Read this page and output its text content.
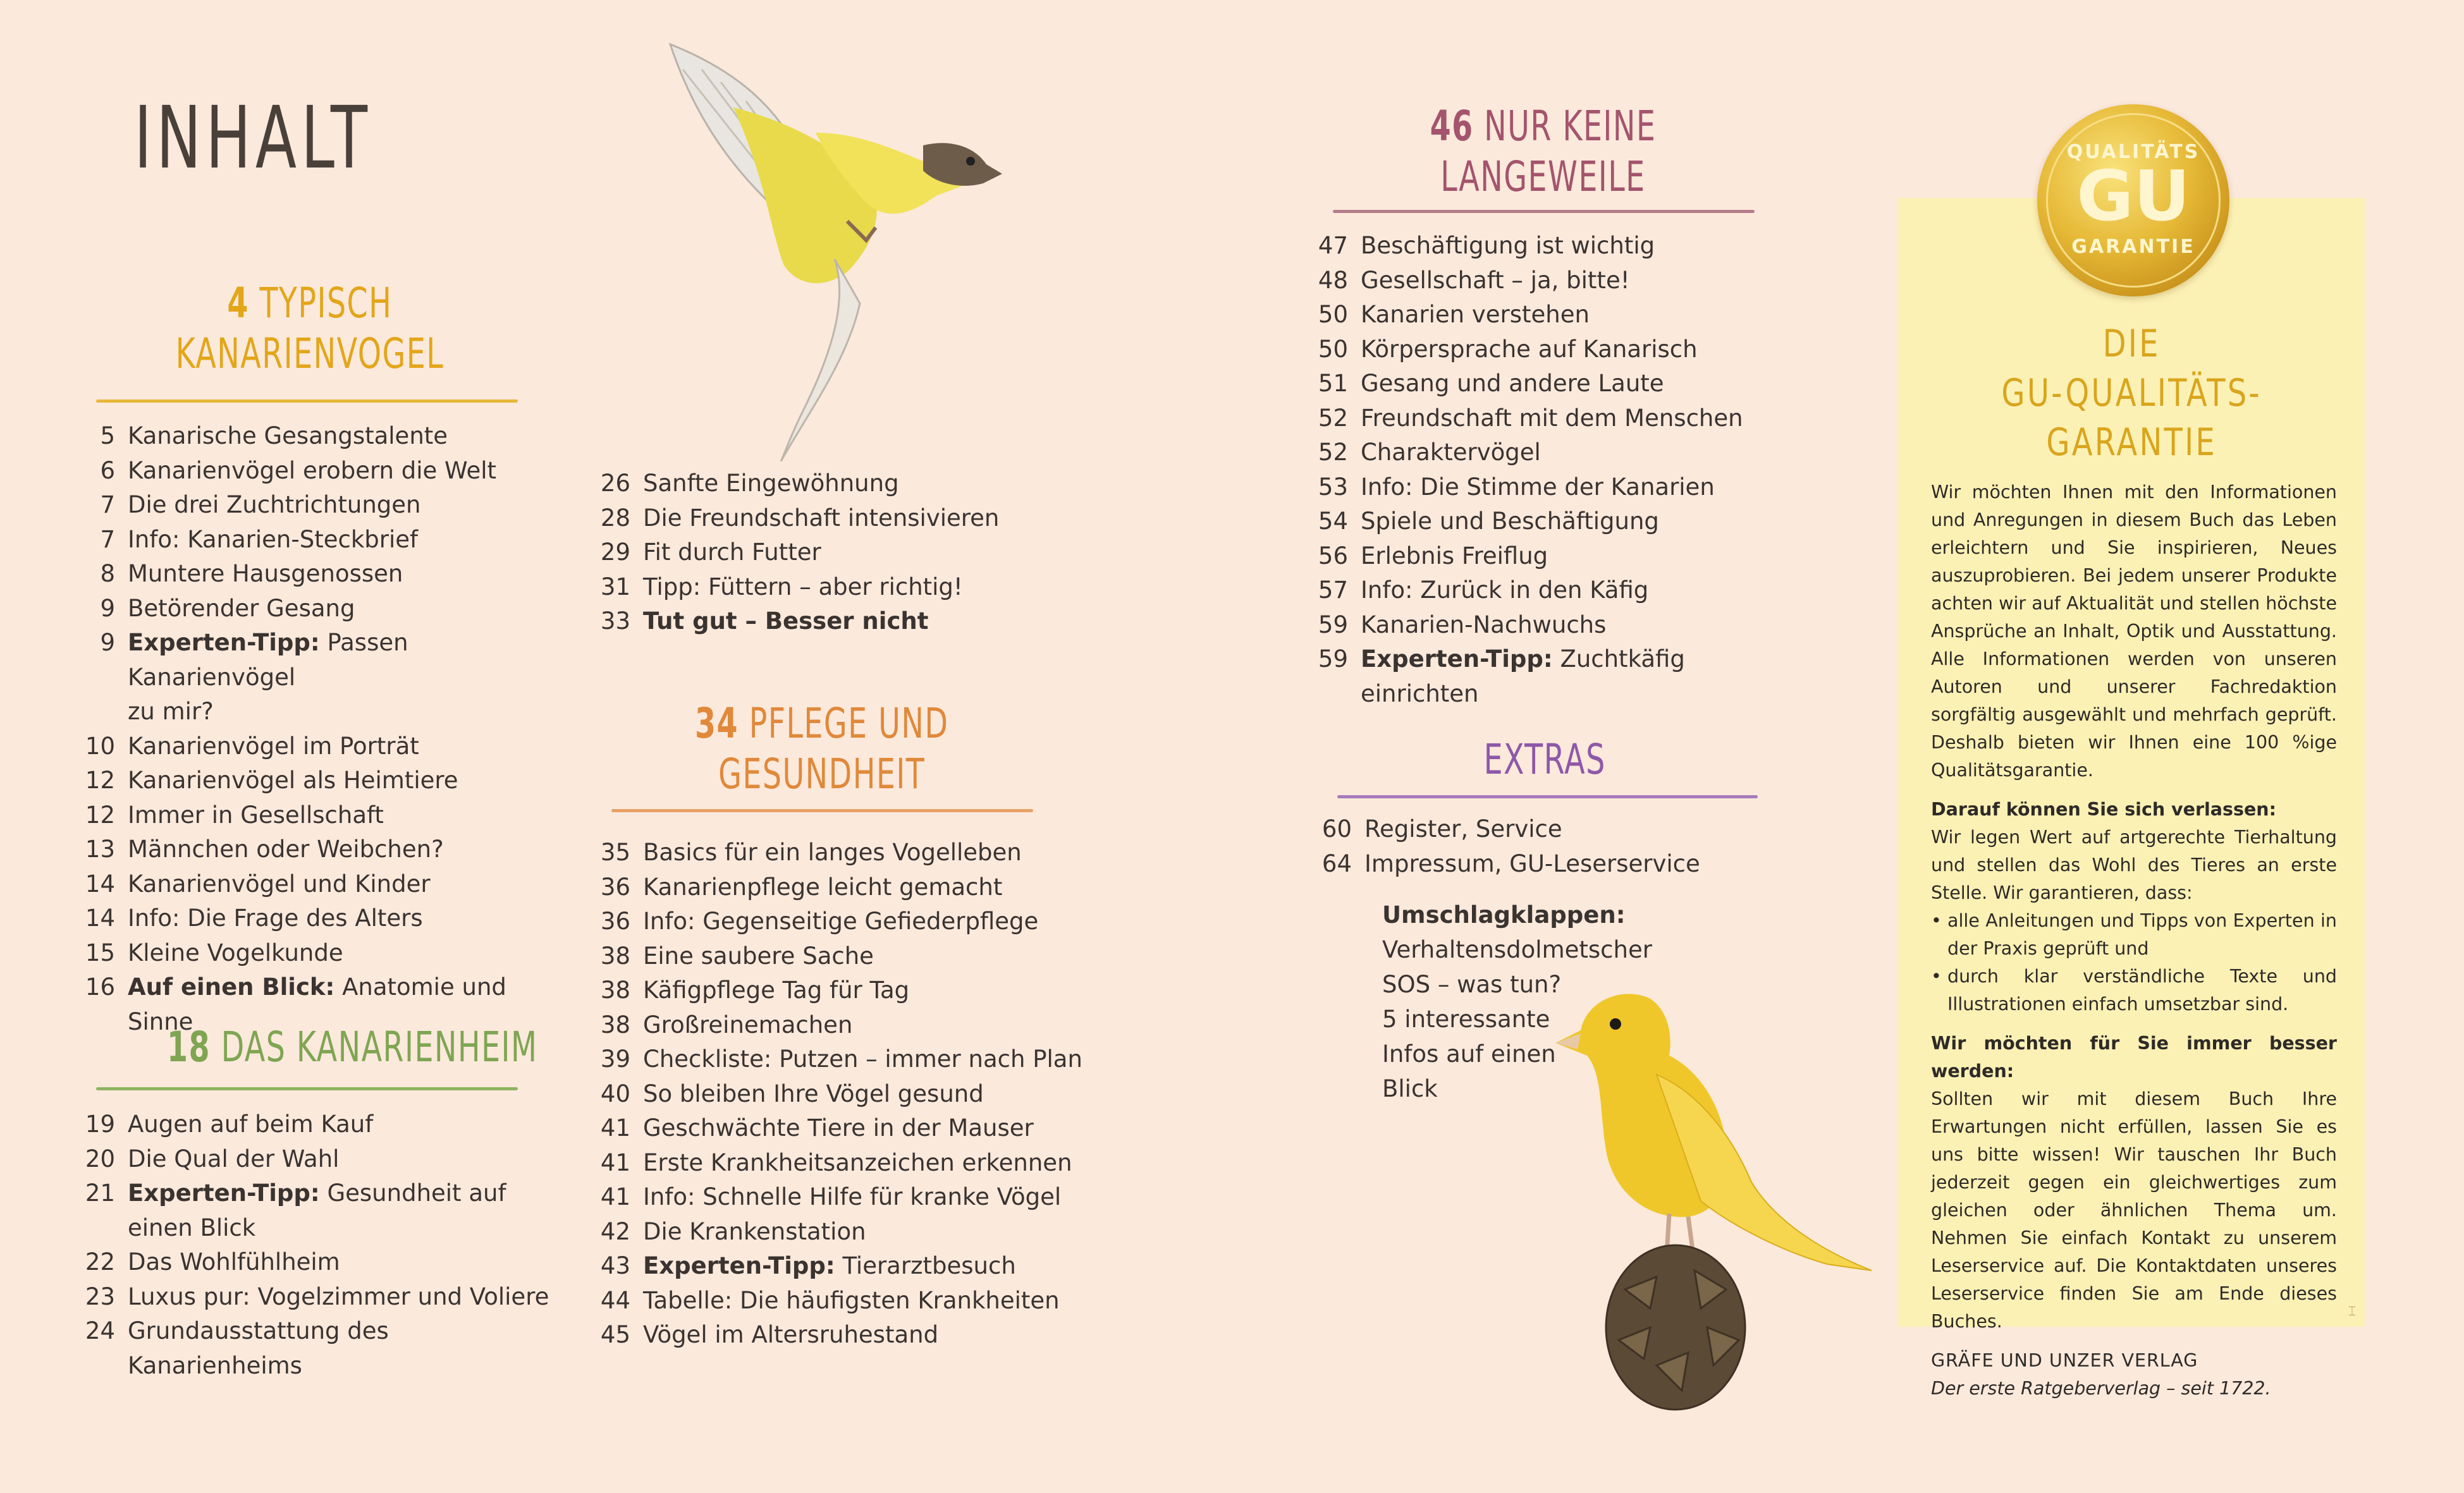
INHALT
4 TYPISCH
KANARIENVOGEL
5 Kanarische Gesangstalente
6 Kanarienvögel erobern die Welt
7 Die drei Zuchtrichtungen
7 Info: Kanarien-Steckbrief
8 Muntere Hausgenossen
9 Betörender Gesang
9 Experten-Tipp: Passen Kanarienvögel
zu mir?
10 Kanarienvögel im Porträt
12 Kanarienvögel als Heimtiere
12 Immer in Gesellschaft
13 Männchen oder Weibchen?
14 Kanarienvögel und Kinder
14 Info: Die Frage des Alters
15 Kleine Vogelkunde
16 Auf einen Blick: Anatomie und Sinne
18 DAS KANARIENHEIM
19 Augen auf beim Kauf
20 Die Qual der Wahl
21 Experten-Tipp: Gesundheit auf
einen Blick
22 Das Wohlfühlheim
23 Luxus pur: Vogelzimmer und Voliere
24 Grundausstattung des Kanarienheims
26 Sanfte Eingewöhnung
28 Die Freundschaft intensivieren
29 Fit durch Futter
31 Tipp: Füttern – aber richtig!
33 Tut gut – Besser nicht
34 PFLEGE UND
GESUNDHEIT
35 Basics für ein langes Vogelleben
36 Kanarienpflege leicht gemacht
36 Info: Gegenseitige Gefiederpflege
38 Eine saubere Sache
38 Käfigpflege Tag für Tag
38 Großreinemachen
39 Checkliste: Putzen – immer nach Plan
40 So bleiben Ihre Vögel gesund
41 Geschwächte Tiere in der Mauser
41 Erste Krankheitsanzeichen erkennen
41 Info: Schnelle Hilfe für kranke Vögel
42 Die Krankenstation
43 Experten-Tipp: Tierarztbesuch
44 Tabelle: Die häufigsten Krankheiten
45 Vögel im Altersruhestand
46 NUR KEINE
LANGEWEILE
47 Beschäftigung ist wichtig
48 Gesellschaft – ja, bitte!
50 Kanarien verstehen
50 Körpersprache auf Kanarisch
51 Gesang und andere Laute
52 Freundschaft mit dem Menschen
52 Charaktervögel
53 Info: Die Stimme der Kanarien
54 Spiele und Beschäftigung
56 Erlebnis Freiflug
57 Info: Zurück in den Käfig
59 Kanarien-Nachwuchs
59 Experten-Tipp: Zuchtkäfig einrichten
EXTRAS
60 Register, Service
64 Impressum, GU-Leserservice
Umschlagklappen:
Verhaltensdolmetscher
SOS – was tun?
5 interessante
Infos auf einen
Blick
QUALITÄTS
GU
GARANTIE
DIE
GU-QUALITÄTS-
GARANTIE

Wir möchten Ihnen mit den Informationen und Anregungen in diesem Buch das Leben erleichtern und Sie inspirieren, Neues auszuprobieren. Bei jedem unserer Produkte achten wir auf Aktualität und stellen höchste Ansprüche an Inhalt, Optik und Ausstattung. Alle Informationen werden von unseren Autoren und unserer Fachredaktion sorgfältig ausgewählt und mehrfach geprüft. Deshalb bieten wir Ihnen eine 100 %ige Qualitätsgarantie.

Darauf können Sie sich verlassen:
Wir legen Wert auf artgerechte Tierhaltung und stellen das Wohl des Tieres an erste Stelle. Wir garantieren, dass:

• alle Anleitungen und Tipps von Experten in der Praxis geprüft und
• durch klar verständliche Texte und Illustrationen einfach umsetzbar sind.

Wir möchten für Sie immer besser werden:
Sollten wir mit diesem Buch Ihre Erwartungen nicht erfüllen, lassen Sie es uns bitte wissen! Wir tauschen Ihr Buch jederzeit gegen ein gleichwertiges zum gleichen oder ähnlichen Thema um. Nehmen Sie einfach Kontakt zu unserem Leserservice auf. Die Kontaktdaten unseres Leserservice finden Sie am Ende dieses Buches.

GRÄFE UND UNZER VERLAG

Der erste Ratgeberverlag – seit 1722.

⌶
